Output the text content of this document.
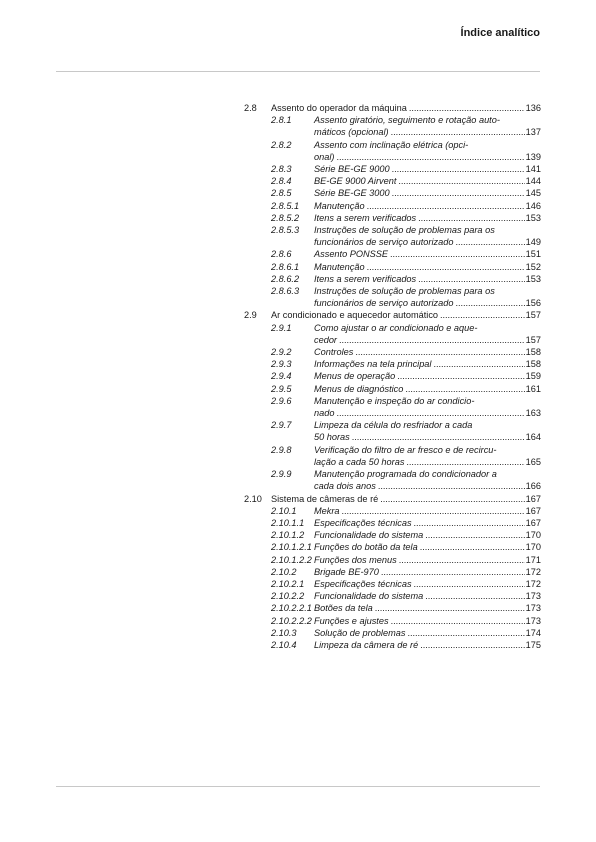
Índice analítico
2.8	Assento do operador da máquina . . .	136
2.8.1	Assento giratório, seguimento e rotação auto-
máticos (opcional) . . .	137
2.8.2	Assento com inclinação elétrica (opci-
onal) . . .	139
2.8.3	Série BE-GE 9000 . . .	141
2.8.4	BE-GE 9000 Airvent . . .	144
2.8.5	Série BE-GE 3000 . . .	145
2.8.5.1	Manutenção . . .	146
2.8.5.2	Itens a serem verificados . . .	153
2.8.5.3	Instruções de solução de problemas para os
funcionários de serviço autorizado . . .	149
2.8.6	Assento PONSSE . . .	151
2.8.6.1	Manutenção . . .	152
2.8.6.2	Itens a serem verificados . . .	153
2.8.6.3	Instruções de solução de problemas para os
funcionários de serviço autorizado . . .	156
2.9	Ar condicionado e aquecedor automático . . .	157
2.9.1	Como ajustar o ar condicionado e aque-
cedor . . .	157
2.9.2	Controles . . .	158
2.9.3	Informações na tela principal . . .	158
2.9.4	Menus de operação . . .	159
2.9.5	Menus de diagnóstico . . .	161
2.9.6	Manutenção e inspeção do ar condicio-
nado . . .	163
2.9.7	Limpeza da célula do resfriador a cada
50 horas . . .	164
2.9.8	Verificação do filtro de ar fresco e de recircu-
lação a cada 50 horas . . .	165
2.9.9	Manutenção programada do condicionador a
cada dois anos . . .	166
2.10 Sistema de câmeras de ré . . .	167
2.10.1	Mekra . . .	167
2.10.1.1	Especificações técnicas . . .	167
2.10.1.2	Funcionalidade do sistema . . .	170
2.10.1.2.1 Funções do botão da tela . . .	170
2.10.1.2.2 Funções dos menus . . .	171
2.10.2	Brigade BE-970 . . .	172
2.10.2.1	Especificações técnicas . . .	172
2.10.2.2	Funcionalidade do sistema . . .	173
2.10.2.2.1 Botões da tela . . .	173
2.10.2.2.2 Funções e ajustes . . .	173
2.10.3	Solução de problemas . . .	174
2.10.4	Limpeza da câmera de ré . . .	175
